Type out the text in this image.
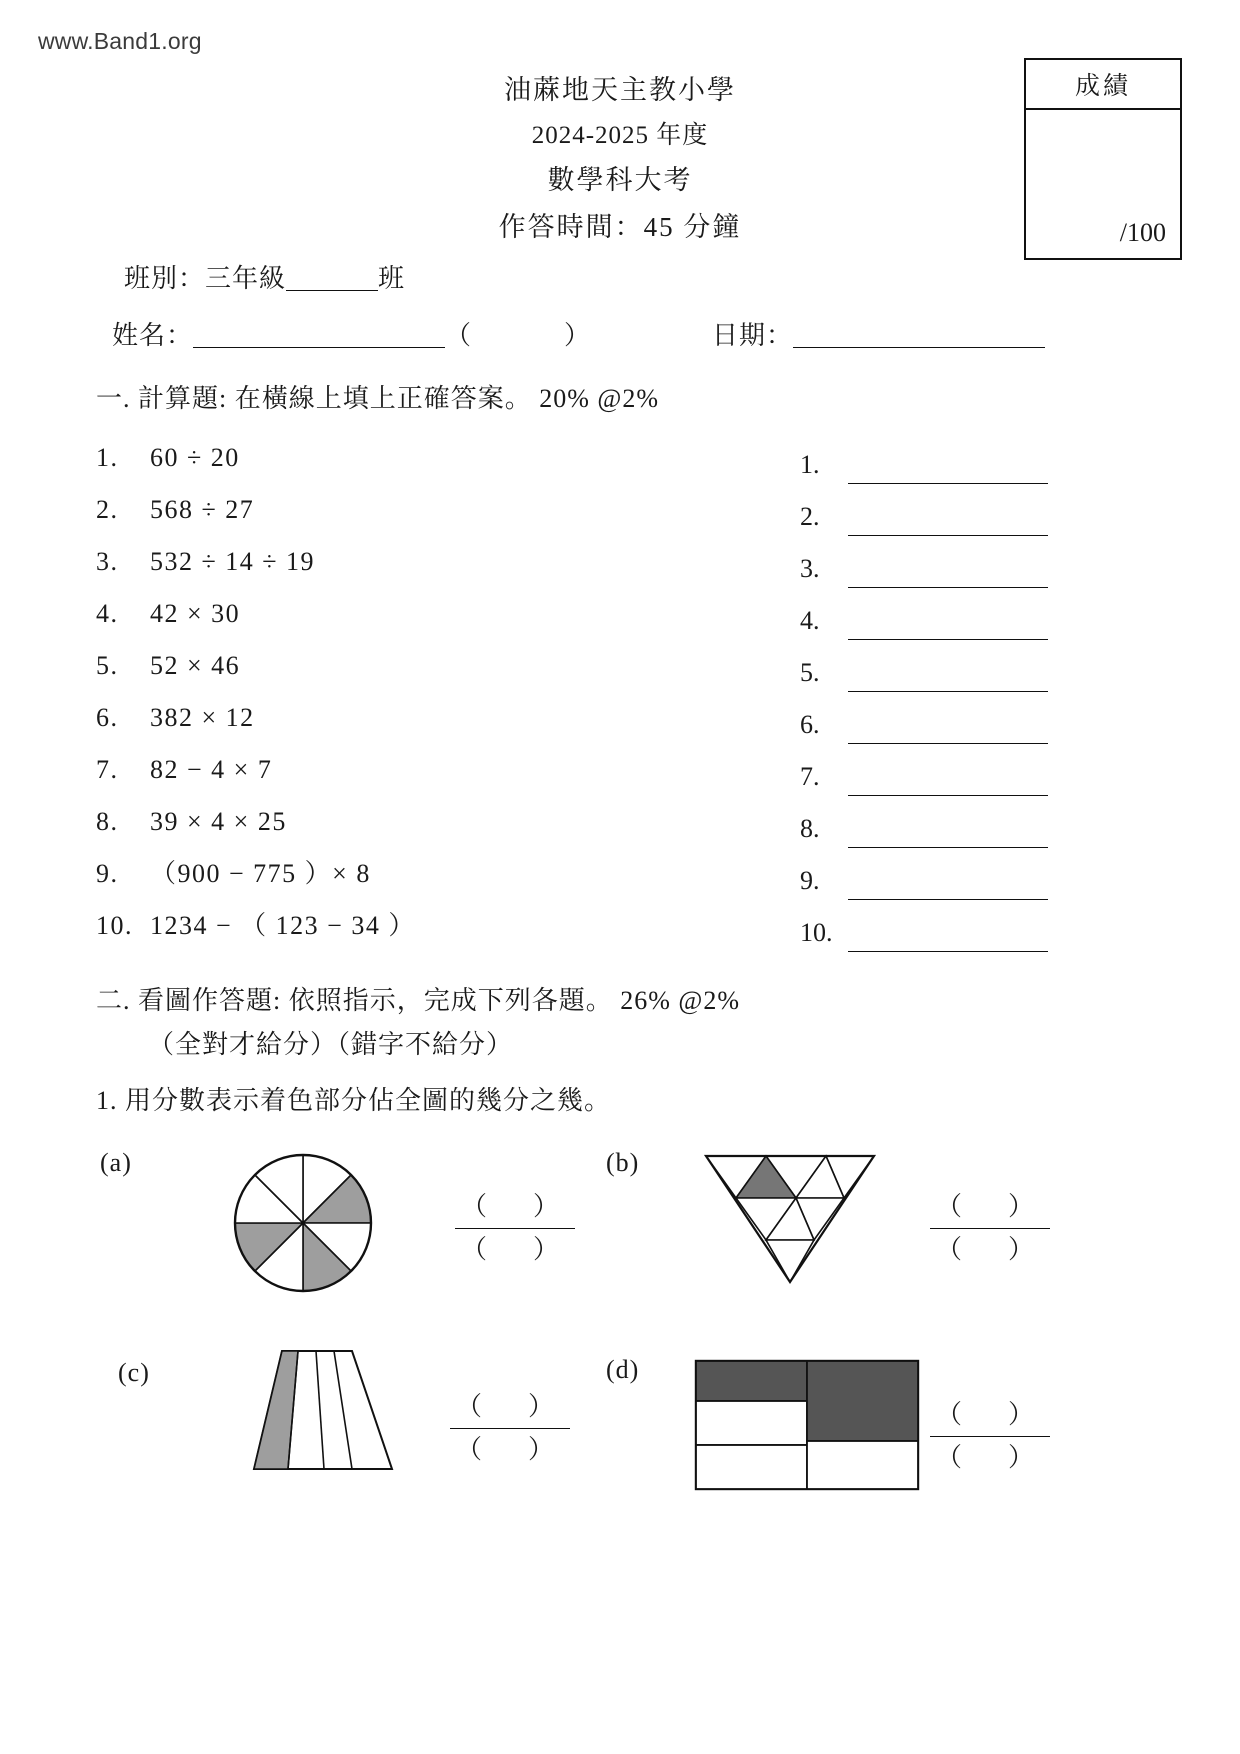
www.Band1.org
油蔴地天主教小學
2024-2025 年度
數學科大考
作答時間：45 分鐘
成績
/100
班別：三年級	班
姓名：	（	）	日期：
一. 計算題: 在橫線上填上正確答案。 20% @2%
1. 60 ÷ 20
2. 568 ÷ 27
3. 532 ÷ 14 ÷ 19
4. 42 × 30
5. 52 × 46
6. 382 × 12
7. 82 − 4 × 7
8. 39 × 4 × 25
9. （900 − 775 ）× 8
10. 1234 − （ 123 − 34 ）
1.
2.
3.
4.
5.
6.
7.
8.
9.
10.
二. 看圖作答題: 依照指示，完成下列各題。 26% @2%
（全對才給分）（錯字不給分）
1. 用分數表示着色部分佔全圖的幾分之幾。
(a)
（　）
（　）
(b)
（　）
（　）
(c)
（　）
（　）
(d)
（　）
（　）
